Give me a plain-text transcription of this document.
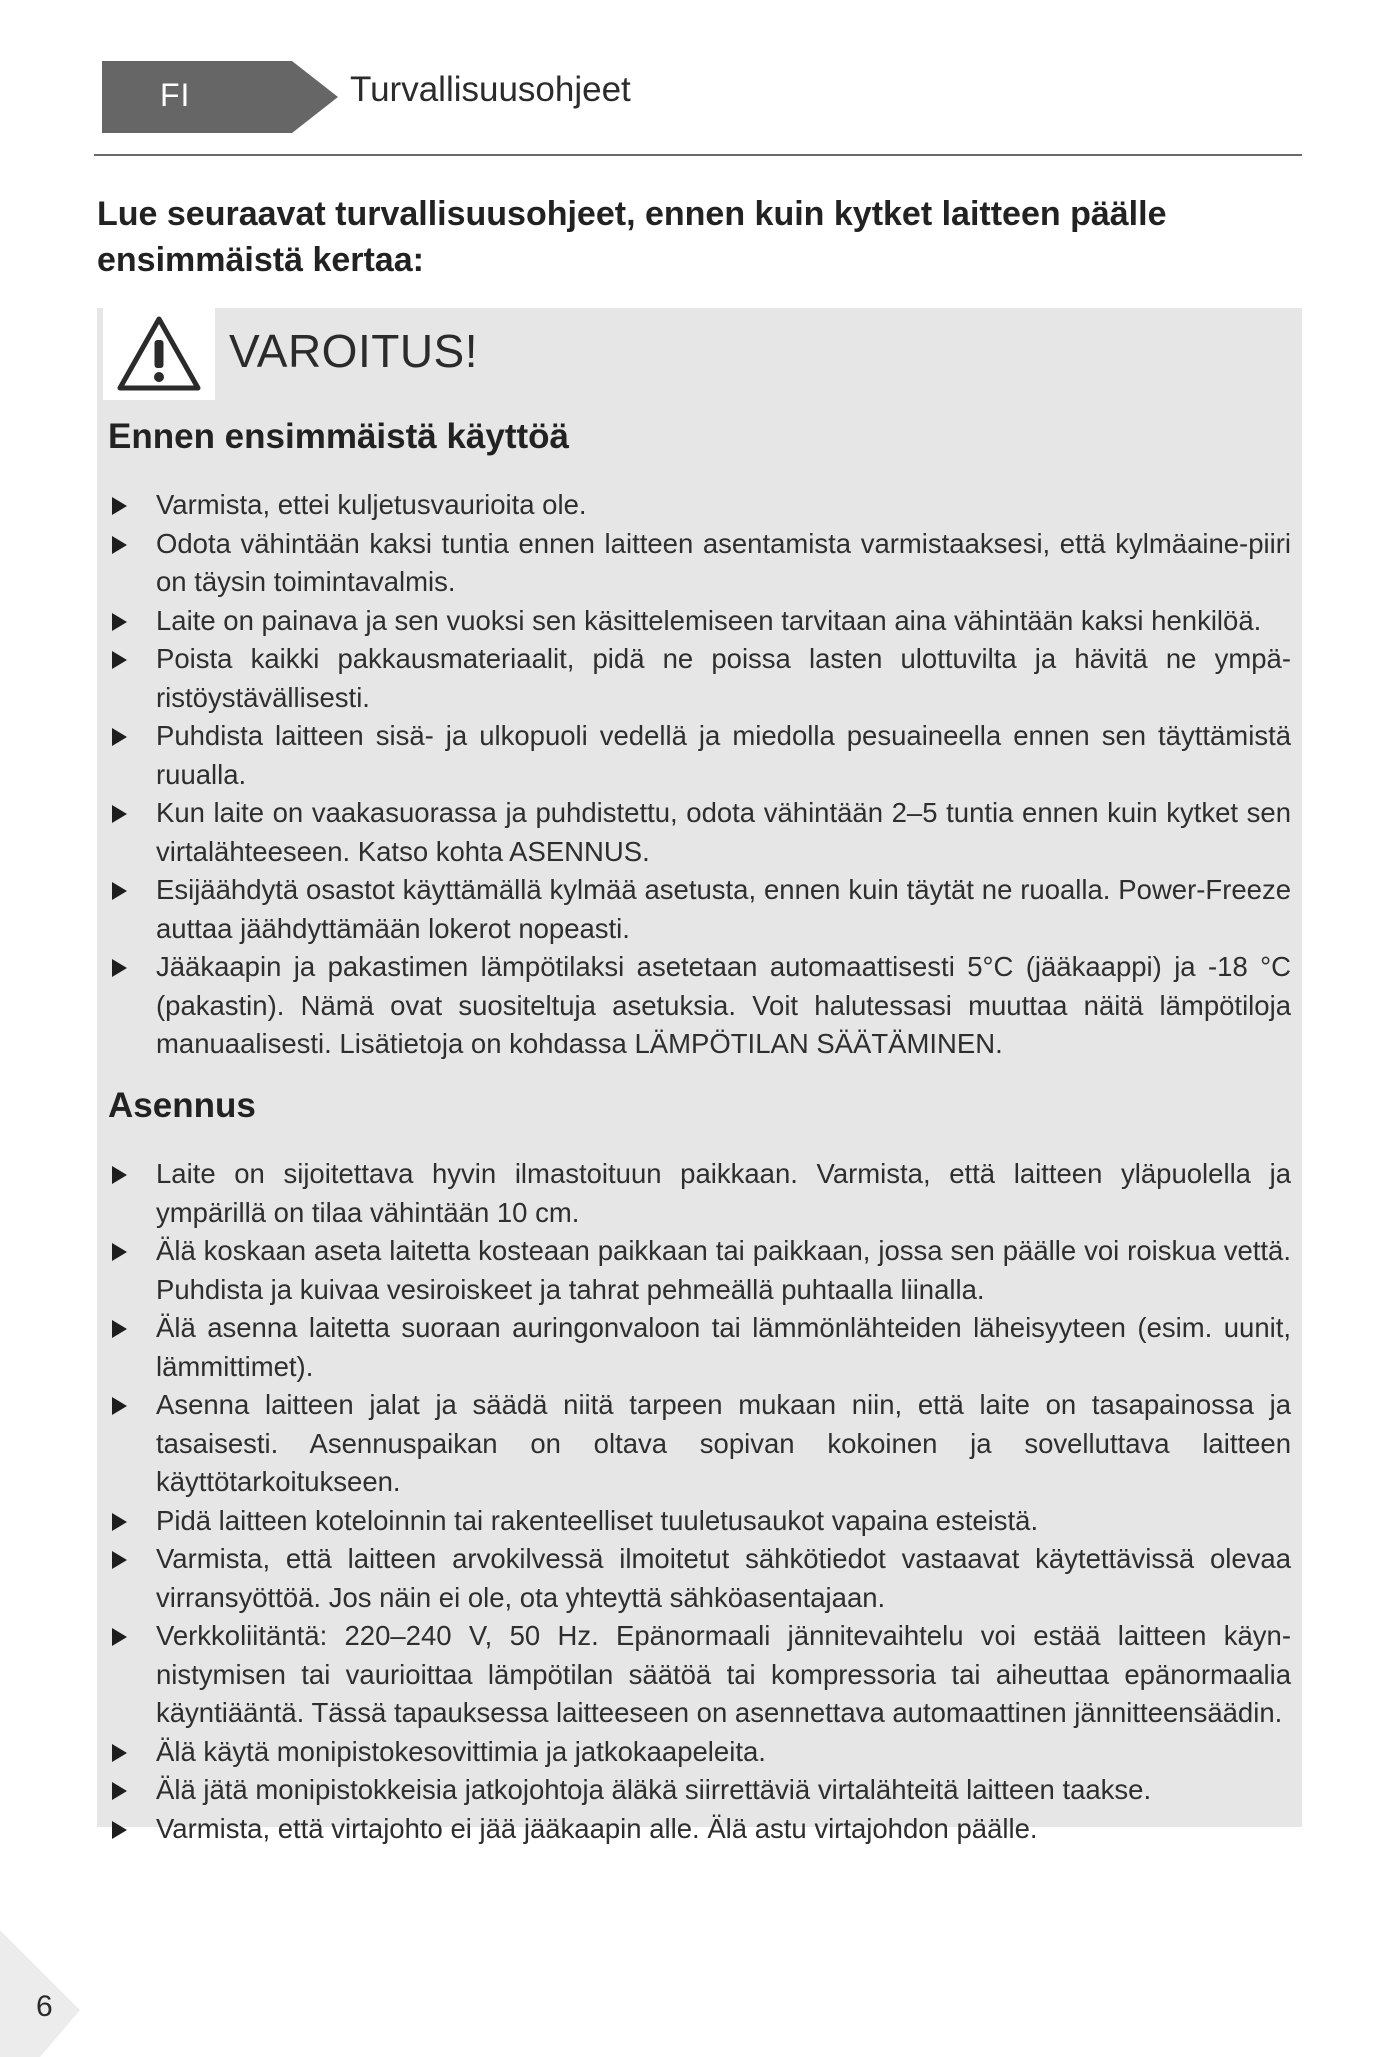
FI	Turvallisuusohjeet
Lue seuraavat turvallisuusohjeet, ennen kuin kytket laitteen päälle ensimmäistä kertaa:
VAROITUS!
Ennen ensimmäistä käyttöä
Varmista, ettei kuljetusvaurioita ole.
Odota vähintään kaksi tuntia ennen laitteen asentamista varmistaaksesi, että kylmäaine-piiri on täysin toimintavalmis.
Laite on painava ja sen vuoksi sen käsittelemiseen tarvitaan aina vähintään kaksi henkilöä.
Poista kaikki pakkausmateriaalit, pidä ne poissa lasten ulottuvilta ja hävitä ne ympä-ristöystävällisesti.
Puhdista laitteen sisä- ja ulkopuoli vedellä ja miedolla pesuaineella ennen sen täyttämistä ruualla.
Kun laite on vaakasuorassa ja puhdistettu, odota vähintään 2–5 tuntia ennen kuin kytket sen virtalähteeseen. Katso kohta ASENNUS.
Esijäähdytä osastot käyttämällä kylmää asetusta, ennen kuin täytät ne ruoalla. Power-Freeze auttaa jäähdyttämään lokerot nopeasti.
Jääkaapin ja pakastimen lämpötilaksi asetetaan automaattisesti 5°C (jääkaappi) ja -18 °C (pakastin). Nämä ovat suositeltuja asetuksia. Voit halutessasi muuttaa näitä lämpötiloja manuaalisesti. Lisätietoja on kohdassa LÄMPÖTILAN SÄÄTÄMINEN.
Asennus
Laite on sijoitettava hyvin ilmastoituun paikkaan. Varmista, että laitteen yläpuolella ja ympärillä on tilaa vähintään 10 cm.
Älä koskaan aseta laitetta kosteaan paikkaan tai paikkaan, jossa sen päälle voi roiskua vettä. Puhdista ja kuivaa vesiroiskeet ja tahrat pehmeällä puhtaalla liinalla.
Älä asenna laitetta suoraan auringonvaloon tai lämmönlähteiden läheisyyteen (esim. uunit, lämmittimet).
Asenna laitteen jalat ja säädä niitä tarpeen mukaan niin, että laite on tasapainossa ja tasaisesti. Asennuspaikan on oltava sopivan kokoinen ja sovelluttava laitteen käyttötarkoitukseen.
Pidä laitteen koteloinnin tai rakenteelliset tuuletusaukot vapaina esteistä.
Varmista, että laitteen arvokilvessä ilmoitetut sähkötiedot vastaavat käytettävissä olevaa virransyöttöä. Jos näin ei ole, ota yhteyttä sähköasentajaan.
Verkkoliitäntä: 220–240 V, 50 Hz. Epänormaali jännitevaihtelu voi estää laitteen käyn-nistymisen tai vaurioittaa lämpötilan säätöä tai kompressoria tai aiheuttaa epänormaalia käyntiääntä. Tässä tapauksessa laitteeseen on asennettava automaattinen jännitteensäädin.
Älä käytä monipistokesovittimia ja jatkokaapeleita.
Älä jätä monipistokkeisia jatkojohtoja äläkä siirrettäviä virtalähteitä laitteen taakse.
Varmista, että virtajohto ei jää jääkaapin alle. Älä astu virtajohdon päälle.
6
